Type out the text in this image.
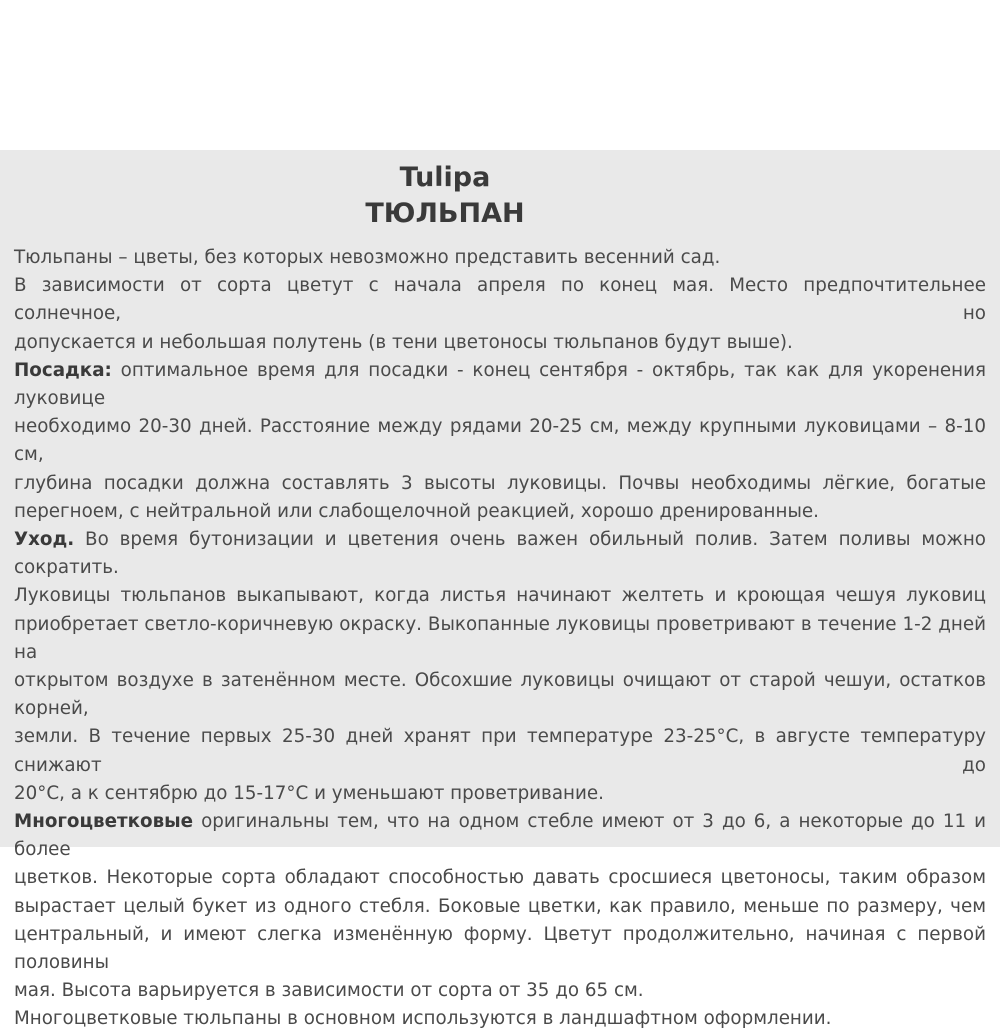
Tulipa
ТЮЛЬПАН

Тюльпаны – цветы, без которых невозможно представить весенний сад.

В зависимости от сорта цветут с начала апреля по конец мая. Место предпочтительнее солнечное, но

допускается и небольшая полутень (в тени цветоносы тюльпанов будут выше).

Посадка: оптимальное время для посадки - конец сентября - октябрь, так как для укоренения луковице

необходимо 20-30 дней. Расстояние между рядами 20-25 см, между крупными луковицами – 8-10 см,

глубина посадки должна составлять 3 высоты луковицы. Почвы необходимы лёгкие, богатые

перегноем, с нейтральной или слабощелочной реакцией, хорошо дренированные.

Уход. Во время бутонизации и цветения очень важен обильный полив. Затем поливы можно сократить.

Луковицы тюльпанов выкапывают, когда листья начинают желтеть и кроющая чешуя луковиц

приобретает светло-коричневую окраску. Выкопанные луковицы проветривают в течение 1-2 дней на

открытом воздухе в затенённом месте. Обсохшие луковицы очищают от старой чешуи, остатков корней,

земли. В течение первых 25-30 дней хранят при температуре 23-25°С, в августе температуру снижают до

20°С, а к сентябрю до 15-17°С и уменьшают проветривание.

Многоцветковые оригинальны тем, что на одном стебле имеют от 3 до 6, а некоторые до 11 и более

цветков. Некоторые сорта обладают способностью давать сросшиеся цветоносы, таким образом

вырастает целый букет из одного стебля. Боковые цветки, как правило, меньше по размеру, чем

центральный, и имеют слегка изменённую форму. Цветут продолжительно, начиная с первой половины

мая. Высота варьируется в зависимости от сорта от 35 до 65 см.

Многоцветковые тюльпаны в основном используются в ландшафтном оформлении.
